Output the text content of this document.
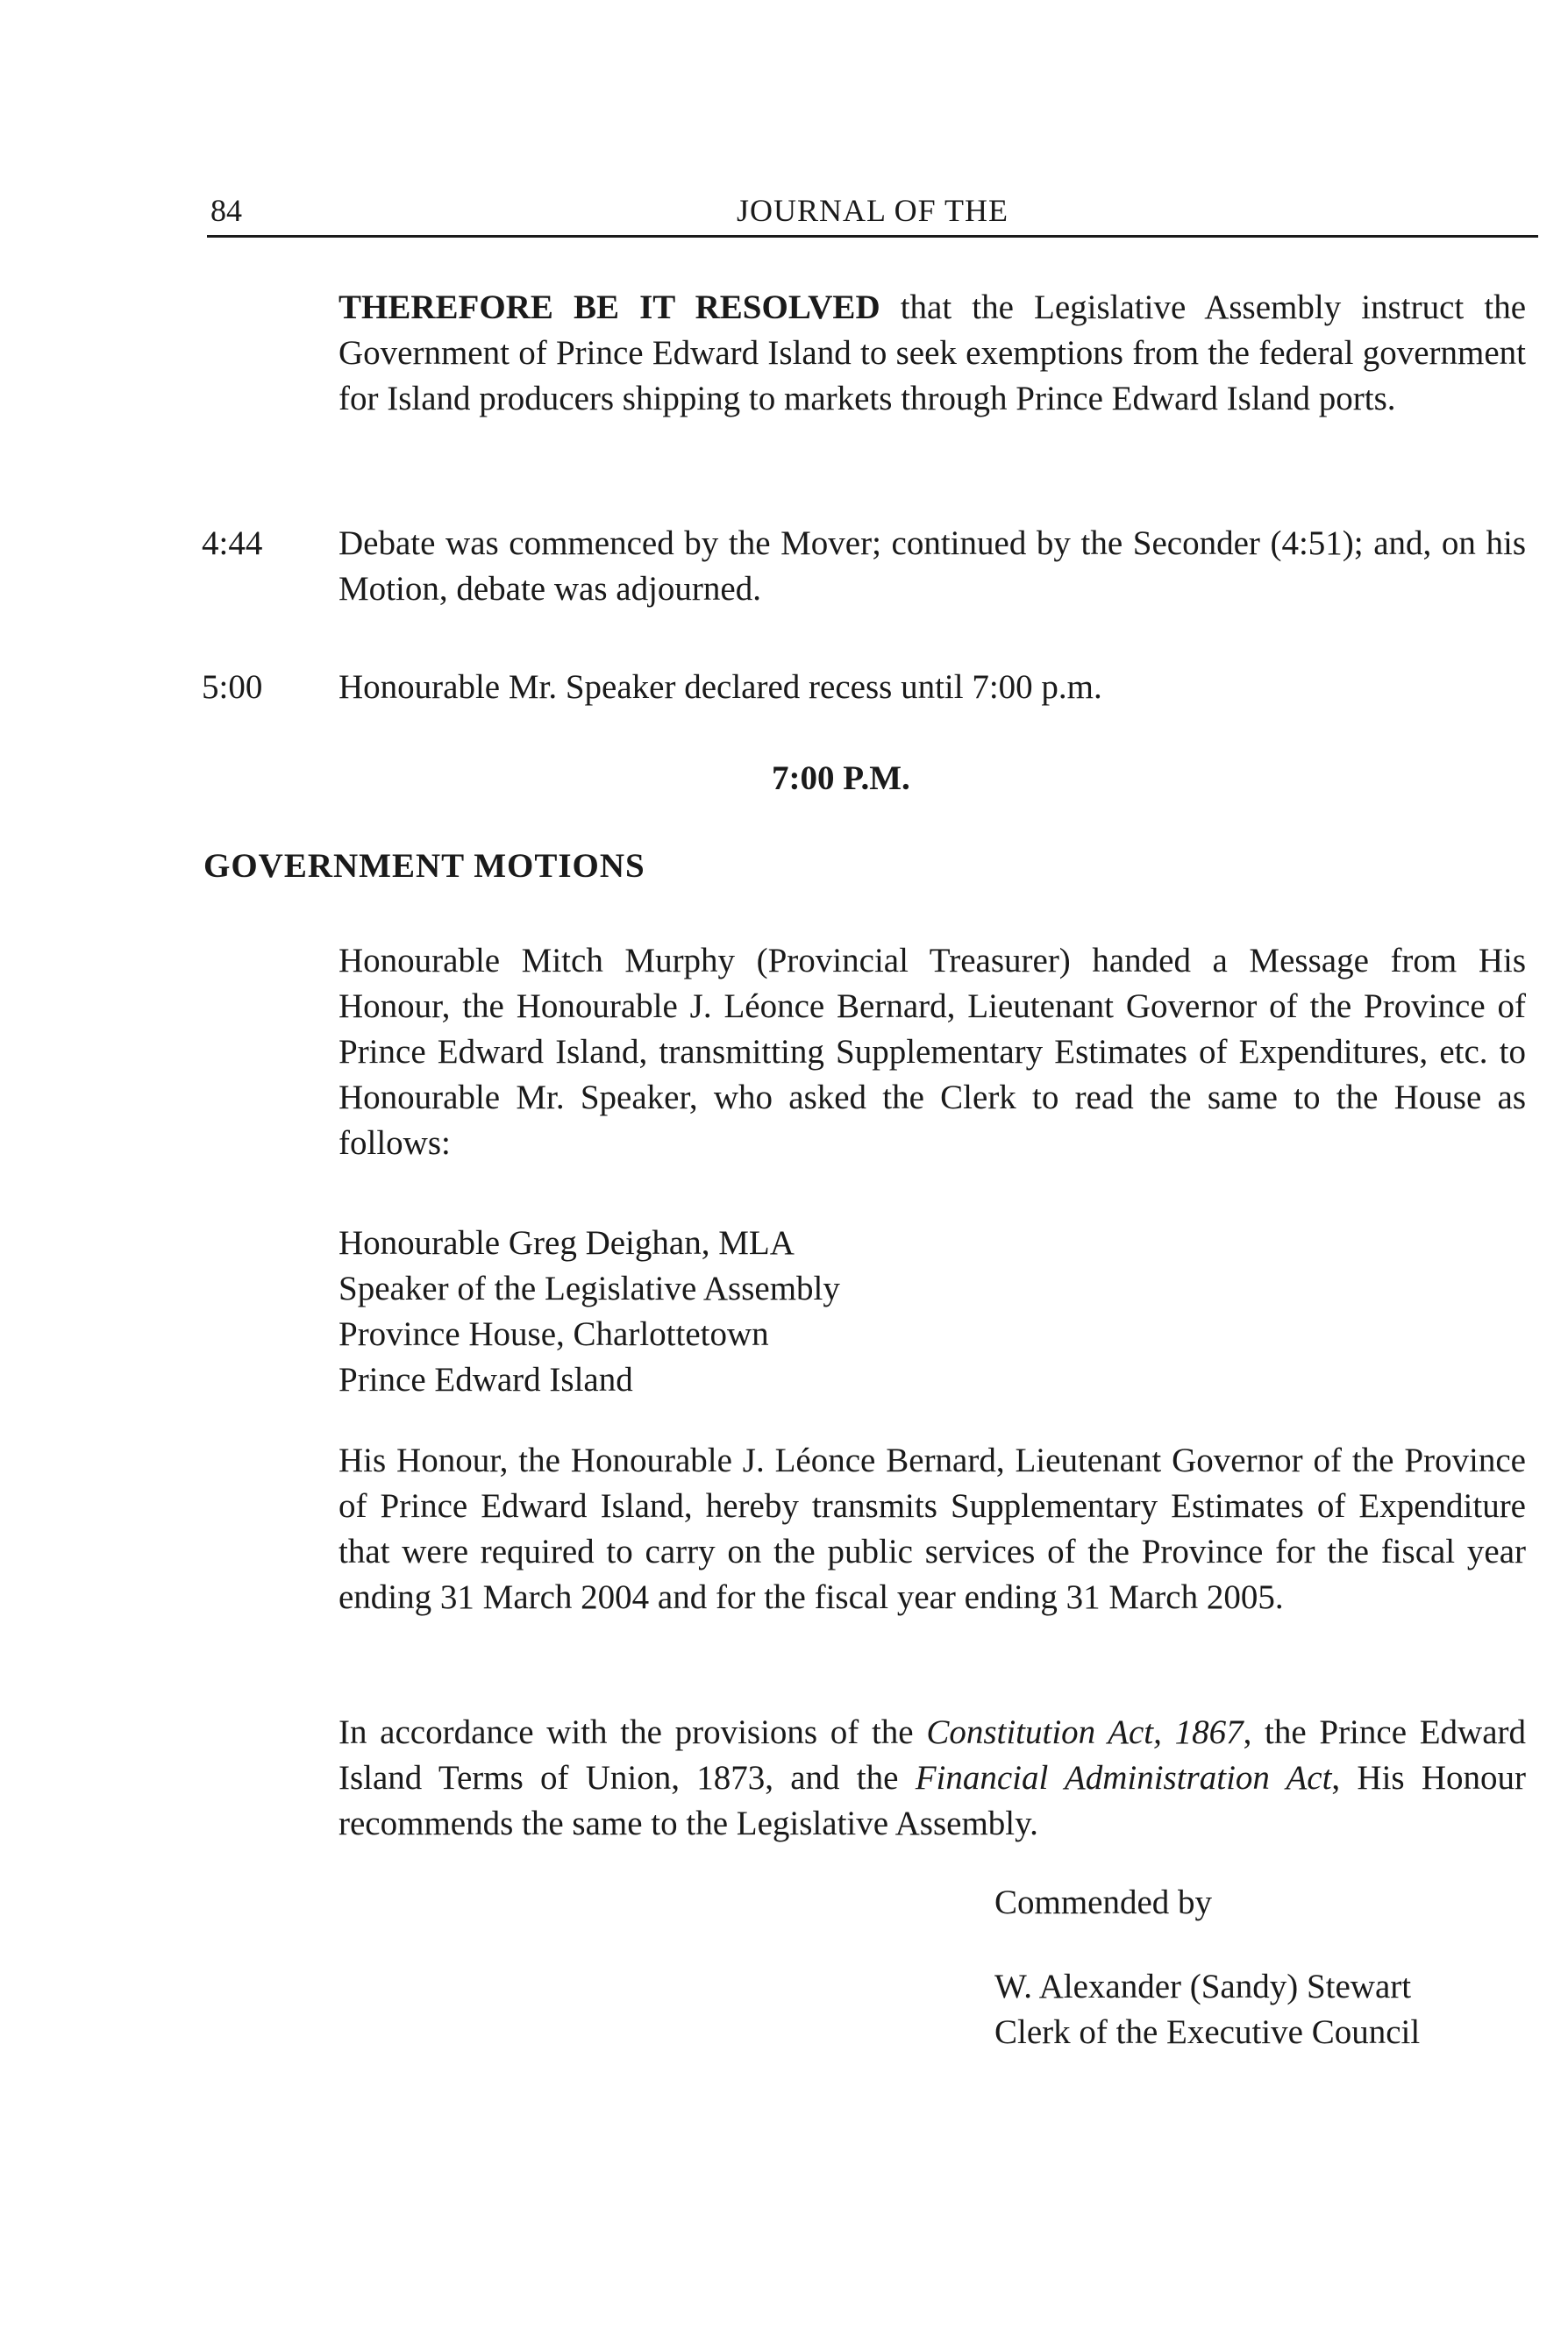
84	JOURNAL OF THE
THEREFORE BE IT RESOLVED that the Legislative Assembly instruct the Government of Prince Edward Island to seek exemptions from the federal government for Island producers shipping to markets through Prince Edward Island ports.
4:44 Debate was commenced by the Mover; continued by the Seconder (4:51); and, on his Motion, debate was adjourned.
5:00 Honourable Mr. Speaker declared recess until 7:00 p.m.
7:00 P.M.
GOVERNMENT MOTIONS
Honourable Mitch Murphy (Provincial Treasurer) handed a Message from His Honour, the Honourable J. Léonce Bernard, Lieutenant Governor of the Province of Prince Edward Island, transmitting Supplementary Estimates of Expenditures, etc. to Honourable Mr. Speaker, who asked the Clerk to read the same to the House as follows:
Honourable Greg Deighan, MLA
Speaker of the Legislative Assembly
Province House, Charlottetown
Prince Edward Island
His Honour, the Honourable J. Léonce Bernard, Lieutenant Governor of the Province of Prince Edward Island, hereby transmits Supplementary Estimates of Expenditure that were required to carry on the public services of the Province for the fiscal year ending 31 March 2004 and for the fiscal year ending 31 March 2005.
In accordance with the provisions of the Constitution Act, 1867, the Prince Edward Island Terms of Union, 1873, and the Financial Administration Act, His Honour recommends the same to the Legislative Assembly.
Commended by
W. Alexander (Sandy) Stewart
Clerk of the Executive Council
